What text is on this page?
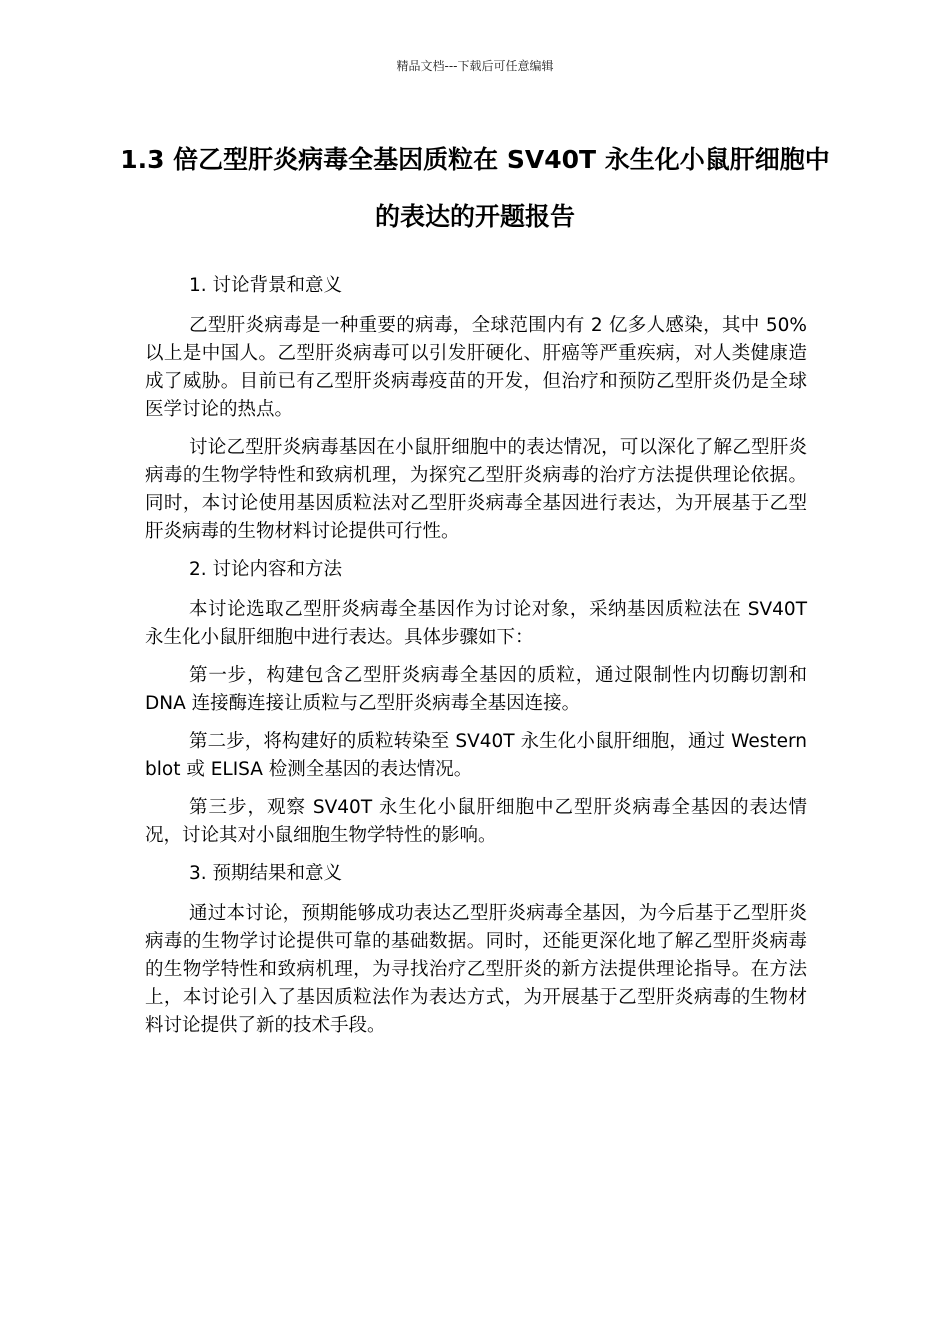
精品文档---下载后可任意编辑
1.3 倍乙型肝炎病毒全基因质粒在 SV40T 永生化小鼠肝细胞中的表达的开题报告

1. 讨论背景和意义

乙型肝炎病毒是一种重要的病毒，全球范围内有 2 亿多人感染，其中 50%以上是中国人。乙型肝炎病毒可以引发肝硬化、肝癌等严重疾病，对人类健康造成了威胁。目前已有乙型肝炎病毒疫苗的开发，但治疗和预防乙型肝炎仍是全球医学讨论的热点。

讨论乙型肝炎病毒基因在小鼠肝细胞中的表达情况，可以深化了解乙型肝炎病毒的生物学特性和致病机理，为探究乙型肝炎病毒的治疗方法提供理论依据。同时，本讨论使用基因质粒法对乙型肝炎病毒全基因进行表达，为开展基于乙型肝炎病毒的生物材料讨论提供可行性。

2. 讨论内容和方法

本讨论选取乙型肝炎病毒全基因作为讨论对象，采纳基因质粒法在 SV40T 永生化小鼠肝细胞中进行表达。具体步骤如下：

第一步，构建包含乙型肝炎病毒全基因的质粒，通过限制性内切酶切割和 DNA 连接酶连接让质粒与乙型肝炎病毒全基因连接。

第二步，将构建好的质粒转染至 SV40T 永生化小鼠肝细胞，通过 Western blot 或 ELISA 检测全基因的表达情况。

第三步，观察 SV40T 永生化小鼠肝细胞中乙型肝炎病毒全基因的表达情况，讨论其对小鼠细胞生物学特性的影响。

3. 预期结果和意义

通过本讨论，预期能够成功表达乙型肝炎病毒全基因，为今后基于乙型肝炎病毒的生物学讨论提供可靠的基础数据。同时，还能更深化地了解乙型肝炎病毒的生物学特性和致病机理，为寻找治疗乙型肝炎的新方法提供理论指导。在方法上，本讨论引入了基因质粒法作为表达方式，为开展基于乙型肝炎病毒的生物材料讨论提供了新的技术手段。
